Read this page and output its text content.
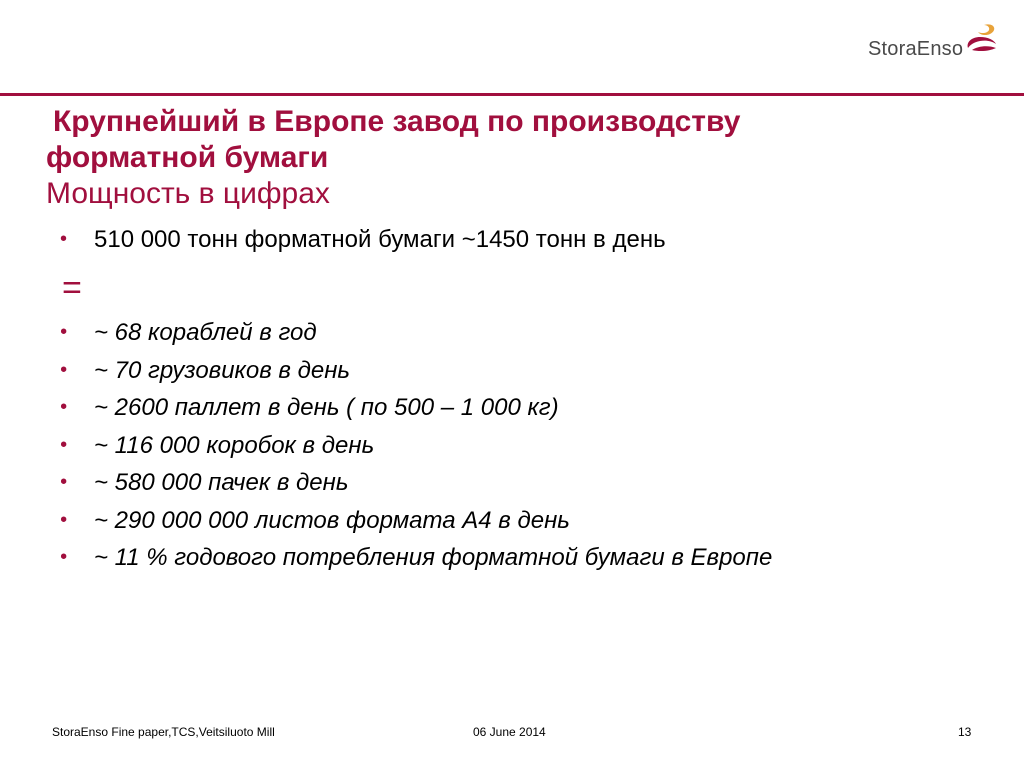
StoraEnso
Крупнейший в Европе завод по производству
форматной бумаги
Мощность в цифрах
• 510 000 тонн форматной бумаги ~1450 тонн в день
=
• ~ 68 кораблей в год
• ~ 70 грузовиков в день
• ~ 2600 паллет в день ( по 500 – 1 000 кг)
• ~ 116 000 коробок в день
• ~ 580 000 пачек в день
• ~ 290 000 000 листов формата А4 в день
• ~ 11 % годового потребления форматной бумаги в Европе
StoraEnso Fine paper,TCS,Veitsiluoto Mill	06 June 2014	13
